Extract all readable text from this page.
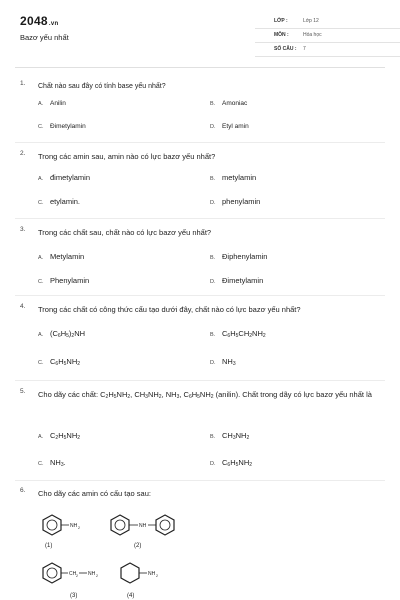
2048.vn
Bazơ yếu nhất
LỚP :	Lớp 12
MÔN :	Hóa học
SỐ CÂU : 7
1. Chất nào sau đây có tính base yếu nhất?
A. Anilin	B. Amoniac
C. Đimetylamin	D. Etyl amin
2. Trong các amin sau, amin nào có lực bazơ yếu nhất?
A. đimetylamin	B. metylamin
C. etylamin.	D. phenylamin
3. Trong các chất sau, chất nào có lực bazơ yếu nhất?
A. Metylamin	B. Điphenylamin
C. Phenylamin	D. Đimetylamin
4. Trong các chất có công thức cấu tạo dưới đây, chất nào có lực bazơ yếu nhất?
A. $(C_6H_5)_2NH$	B. $C_6H_5CH_2NH_2$
C. $C_6H_5NH_2$	D. $NH_3$
5. Cho dãy các chất: $C_2H_5NH_2$, $CH_3NH_2$, $NH_3$, $C_6H_5NH_2$ (anilin). Chất trong dãy có lực bazơ yếu nhất là
A. $C_2H_5NH_2$	B. $CH_3NH_2$
C. $NH_3$.	D. $C_6H_5NH_2$
6. Cho dãy các amin có cấu tạo sau:
NH 2
(1)
NH
(2)
CH 2 NH 2
(3)
NH 2
(4)
